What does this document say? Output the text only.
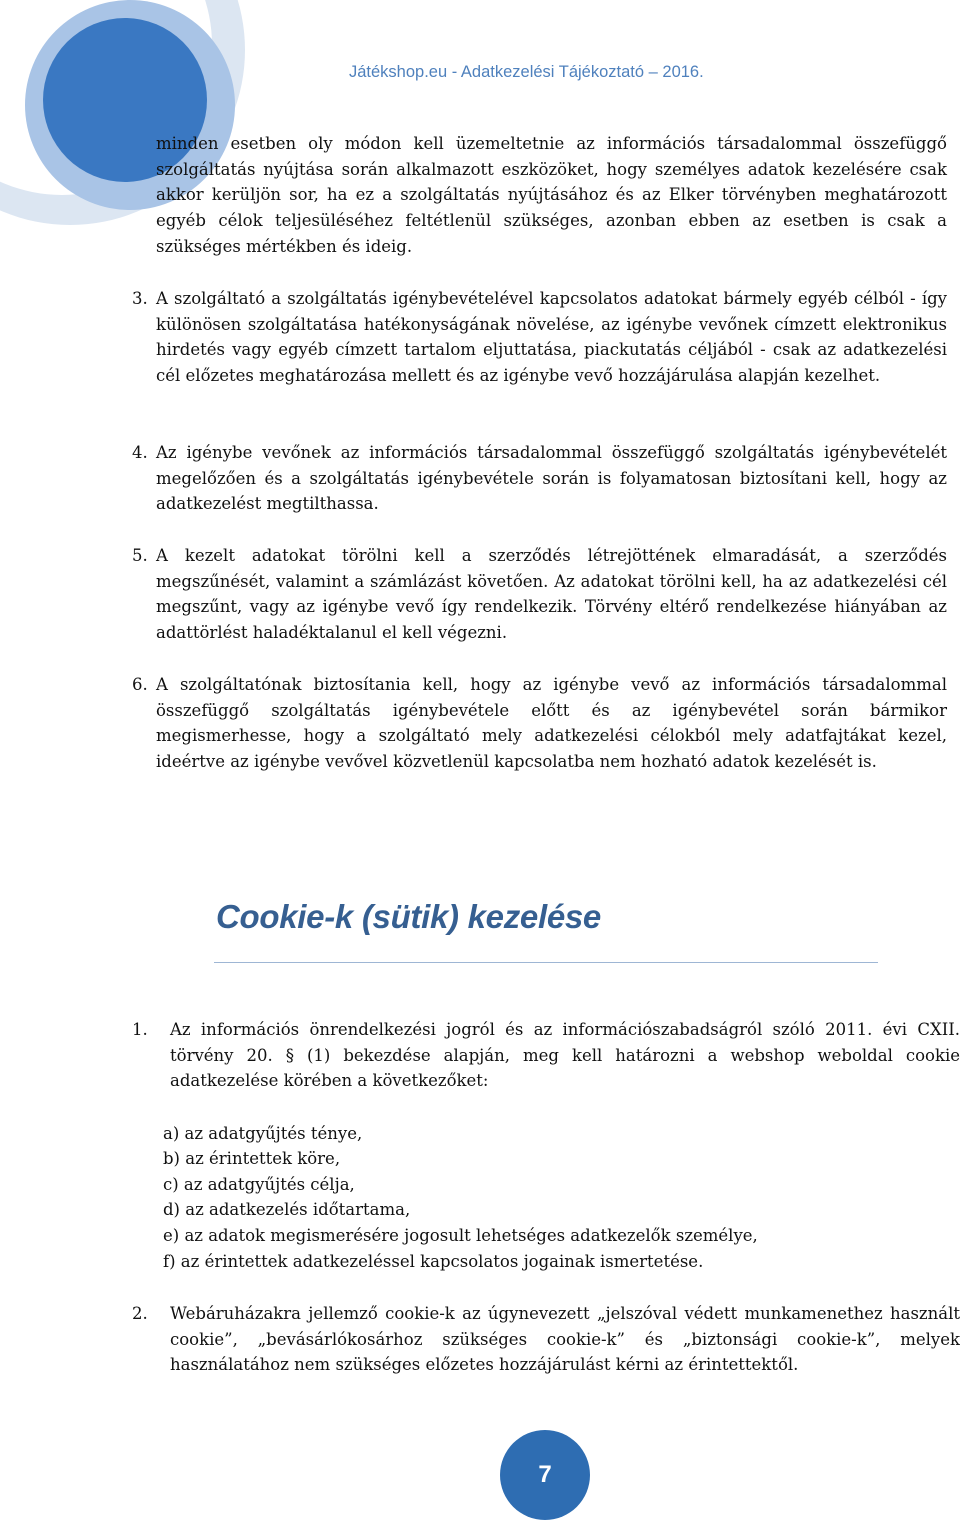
Játékshop.eu - Adatkezelési Tájékoztató – 2016.

minden esetben oly módon kell üzemeltetnie az információs társadalommal összefüggő szolgáltatás nyújtása során alkalmazott eszközöket, hogy személyes adatok kezelésére csak akkor kerüljön sor, ha ez a szolgáltatás nyújtásához és az Elker törvényben meghatározott egyéb célok teljesüléséhez feltétlenül szükséges, azonban ebben az esetben is csak a szükséges mértékben és ideig.

3. A szolgáltató a szolgáltatás igénybevételével kapcsolatos adatokat bármely egyéb célból - így különösen szolgáltatása hatékonyságának növelése, az igénybe vevőnek címzett elektronikus hirdetés vagy egyéb címzett tartalom eljuttatása, piackutatás céljából - csak az adatkezelési cél előzetes meghatározása mellett és az igénybe vevő hozzájárulása alapján kezelhet.

4. Az igénybe vevőnek az információs társadalommal összefüggő szolgáltatás igénybevételét megelőzően és a szolgáltatás igénybevétele során is folyamatosan biztosítani kell, hogy az adatkezelést megtilthassa.

5. A kezelt adatokat törölni kell a szerződés létrejöttének elmaradását, a szerződés megszűnését, valamint a számlázást követően. Az adatokat törölni kell, ha az adatkezelési cél megszűnt, vagy az igénybe vevő így rendelkezik. Törvény eltérő rendelkezése hiányában az adattörlést haladéktalanul el kell végezni.

6. A szolgáltatónak biztosítania kell, hogy az igénybe vevő az információs társadalommal összefüggő szolgáltatás igénybevétele előtt és az igénybevétel során bármikor megismerhesse, hogy a szolgáltató mely adatkezelési célokból mely adatfajtákat kezel, ideértve az igénybe vevővel közvetlenül kapcsolatba nem hozható adatok kezelését is.

Cookie-k (sütik) kezelése
1. Az információs önrendelkezési jogról és az információszabadságról szóló 2011. évi CXII. törvény 20. § (1) bekezdése alapján, meg kell határozni a webshop weboldal cookie adatkezelése körében a következőket:

a) az adatgyűjtés ténye,
b) az érintettek köre,
c) az adatgyűjtés célja,
d) az adatkezelés időtartama,
e) az adatok megismerésére jogosult lehetséges adatkezelők személye,
f) az érintettek adatkezeléssel kapcsolatos jogainak ismertetése.
2. Webáruházakra jellemző cookie-k az úgynevezett „jelszóval védett munkamenethez használt cookie”, „bevásárlókosárhoz szükséges cookie-k” és „biztonsági cookie-k”, melyek használatához nem szükséges előzetes hozzájárulást kérni az érintettektől.

7
